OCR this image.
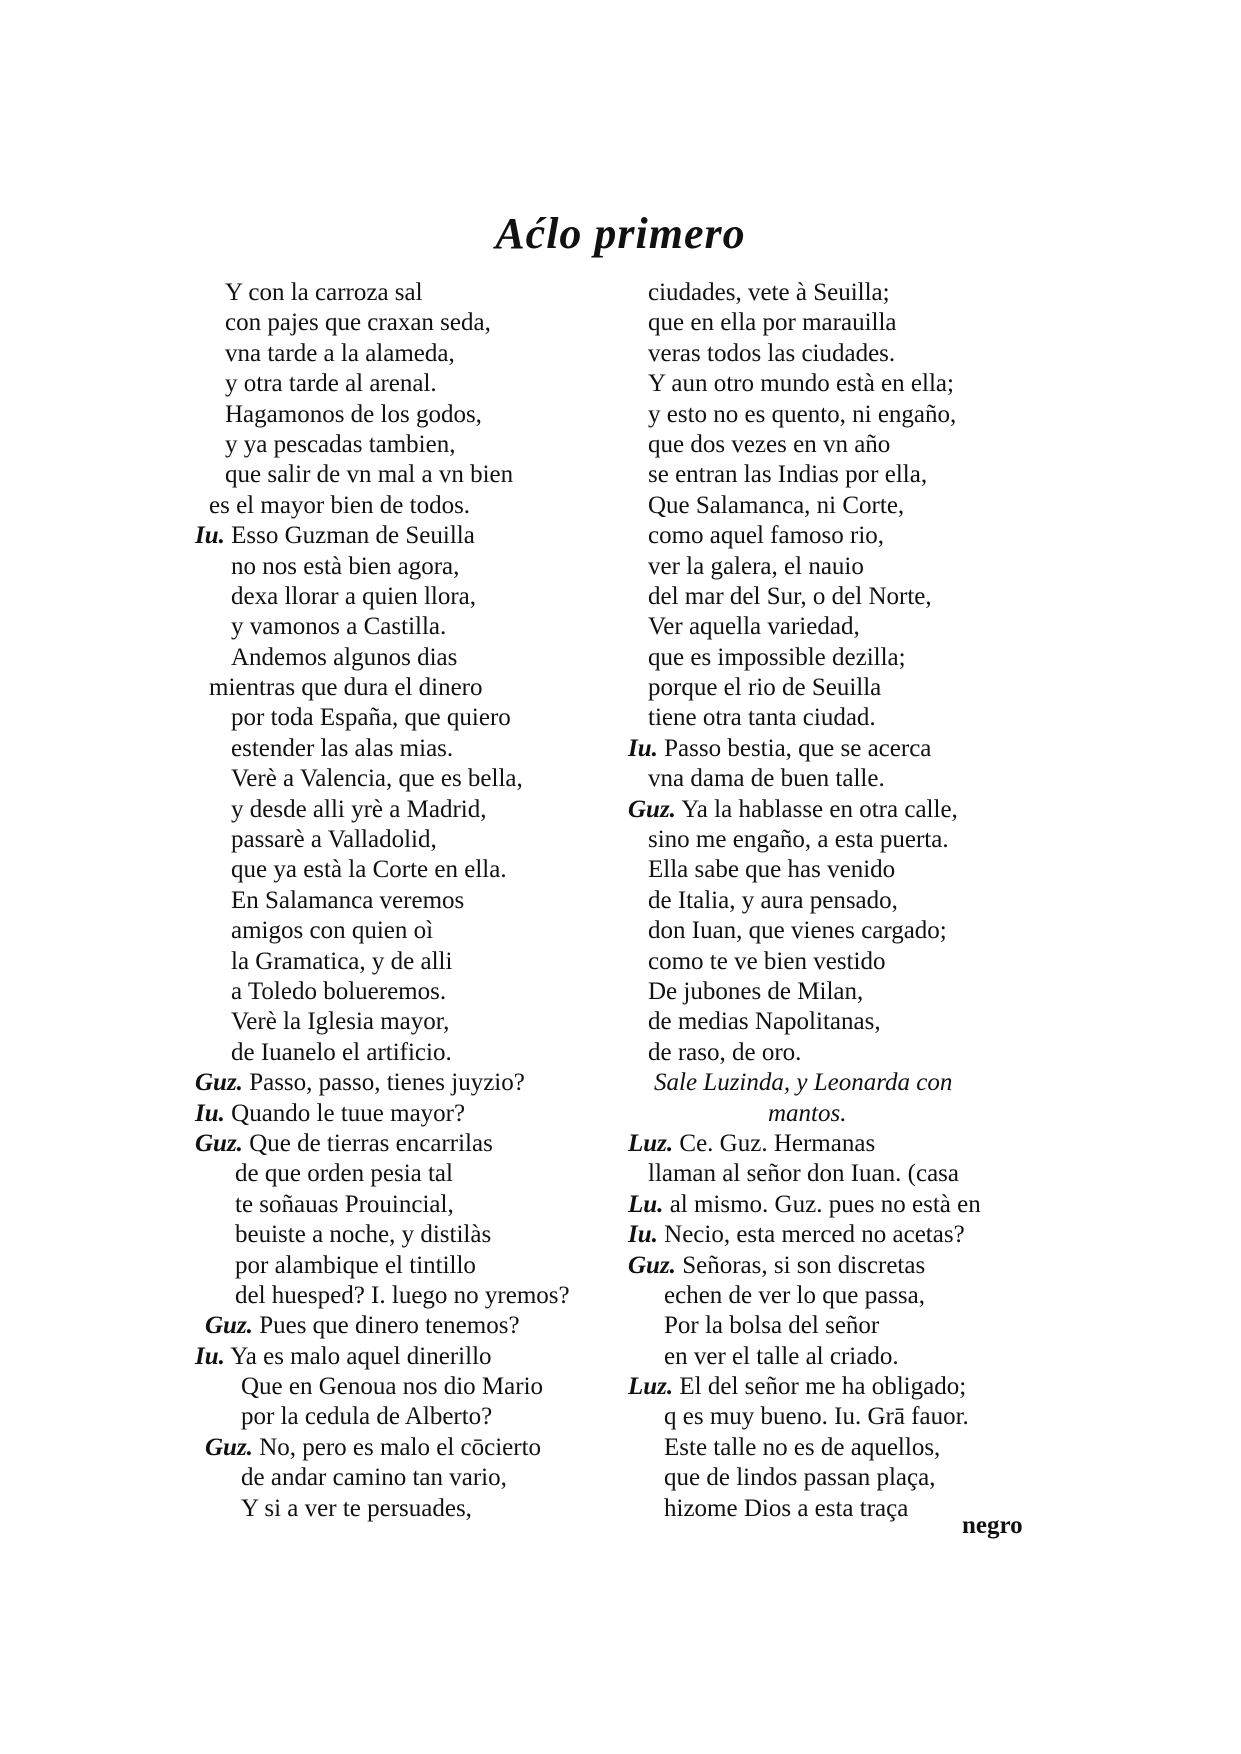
Aćlo primero
Y con la carroza sal
con pajes que craxan seda,
vna tarde a la alameda,
y otra tarde al arenal.
Hagamonos de los godos,
y ya pescadas tambien,
que salir de vn mal a vn bien
es el mayor bien de todos.
Iu. Esso Guzman de Seuilla
no nos està bien agora,
dexa llorar a quien llora,
y vamonos a Castilla.
Andemos algunos dias
mientras que dura el dinero
por toda España, que quiero
estender las alas mias.
Verè a Valencia, que es bella,
y desde alli yrè a Madrid,
passarè a Valladolid,
que ya està la Corte en ella.
En Salamanca veremos
amigos con quien oì
la Gramatica, y de alli
a Toledo bolueremos.
Verè la Iglesia mayor,
de Iuanelo el artificio.
Guz. Passo, passo, tienes juyzio?
Iu. Quando le tuue mayor?
Guz. Que de tierras encarrilas
de que orden pesia tal
te soñauas Prouincial,
beuiste a noche, y distilàs
por alambique el tintillo
del huesped? I. luego no yremos?
Guz. Pues que dinero tenemos?
Iu. Ya es malo aquel dinerillo
Que en Genoua nos dio Mario
por la cedula de Alberto?
Guz. No, pero es malo el cōcierto
de andar camino tan vario,
Y si a ver te persuades,
ciudades, vete à Seuilla;
que en ella por marauilla
veras todos las ciudades.
Y aun otro mundo està en ella;
y esto no es quento, ni engaño,
que dos vezes en vn año
se entran las Indias por ella,
Que Salamanca, ni Corte,
como aquel famoso rio,
ver la galera, el nauio
del mar del Sur, o del Norte,
Ver aquella variedad,
que es impossible dezilla;
porque el rio de Seuilla
tiene otra tanta ciudad.
Iu. Passo bestia, que se acerca
vna dama de buen talle.
Guz. Ya la hablasse en otra calle,
sino me engaño, a esta puerta.
Ella sabe que has venido
de Italia, y aura pensado,
don Iuan, que vienes cargado;
como te ve bien vestido
De jubones de Milan,
de medias Napolitanas,
de raso, de oro.
Sale Luzinda, y Leonarda con
mantos.
Luz. Ce. Guz. Hermanas
llaman al señor don Iuan. (casa
Lu. al mismo. Guz. pues no està en
Iu. Necio, esta merced no acetas?
Guz. Señoras, si son discretas
echen de ver lo que passa,
Por la bolsa del señor
en ver el talle al criado.
Luz. El del señor me ha obligado;
q es muy bueno. Iu. Grā fauor.
Este talle no es de aquellos,
que de lindos passan plaça,
hizome Dios a esta traça
negro
